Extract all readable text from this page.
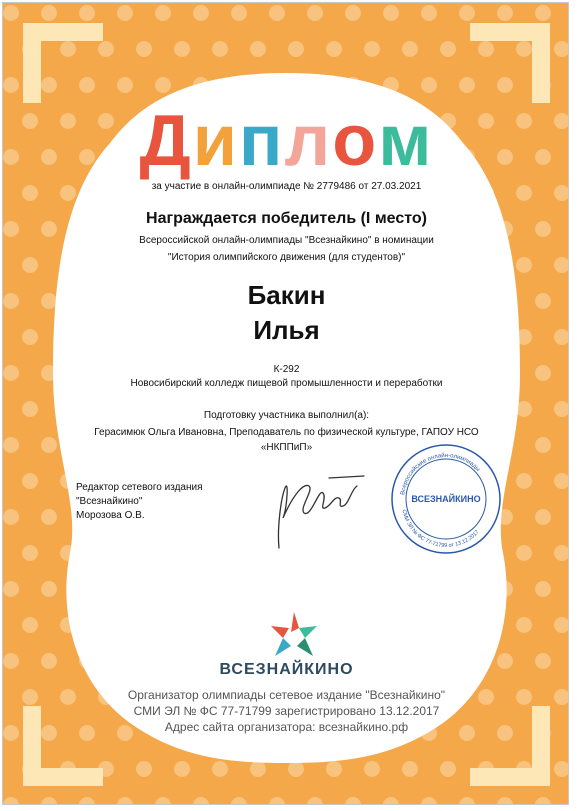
Диплом
за участие в онлайн-олимпиаде № 2779486 от 27.03.2021
Награждается победитель (I место)
Всероссийской онлайн-олимпиады "Всезнайкино" в номинации
"История олимпийского движения (для студентов)"
Бакин
Илья
К-292
Новосибирский колледж пищевой промышленности и переработки
Подготовку участника выполнил(а):
Герасимюк Ольга Ивановна, Преподаватель по физической культуре, ГАПОУ НСО
«НКППиП»
Редактор сетевого издания
"Всезнайкино"
Морозова О.В.
Всероссийские онлайн-олимпиады
СМИ ЭЛ № ФС 77-71799 от 13.12.2017
ВСЕЗНАЙКИНО
ВСЕЗНАЙКИНО
Организатор олимпиады сетевое издание "Всезнайкино"
СМИ ЭЛ № ФС 77-71799 зарегистрировано 13.12.2017
Адрес сайта организатора: всезнайкино.рф
